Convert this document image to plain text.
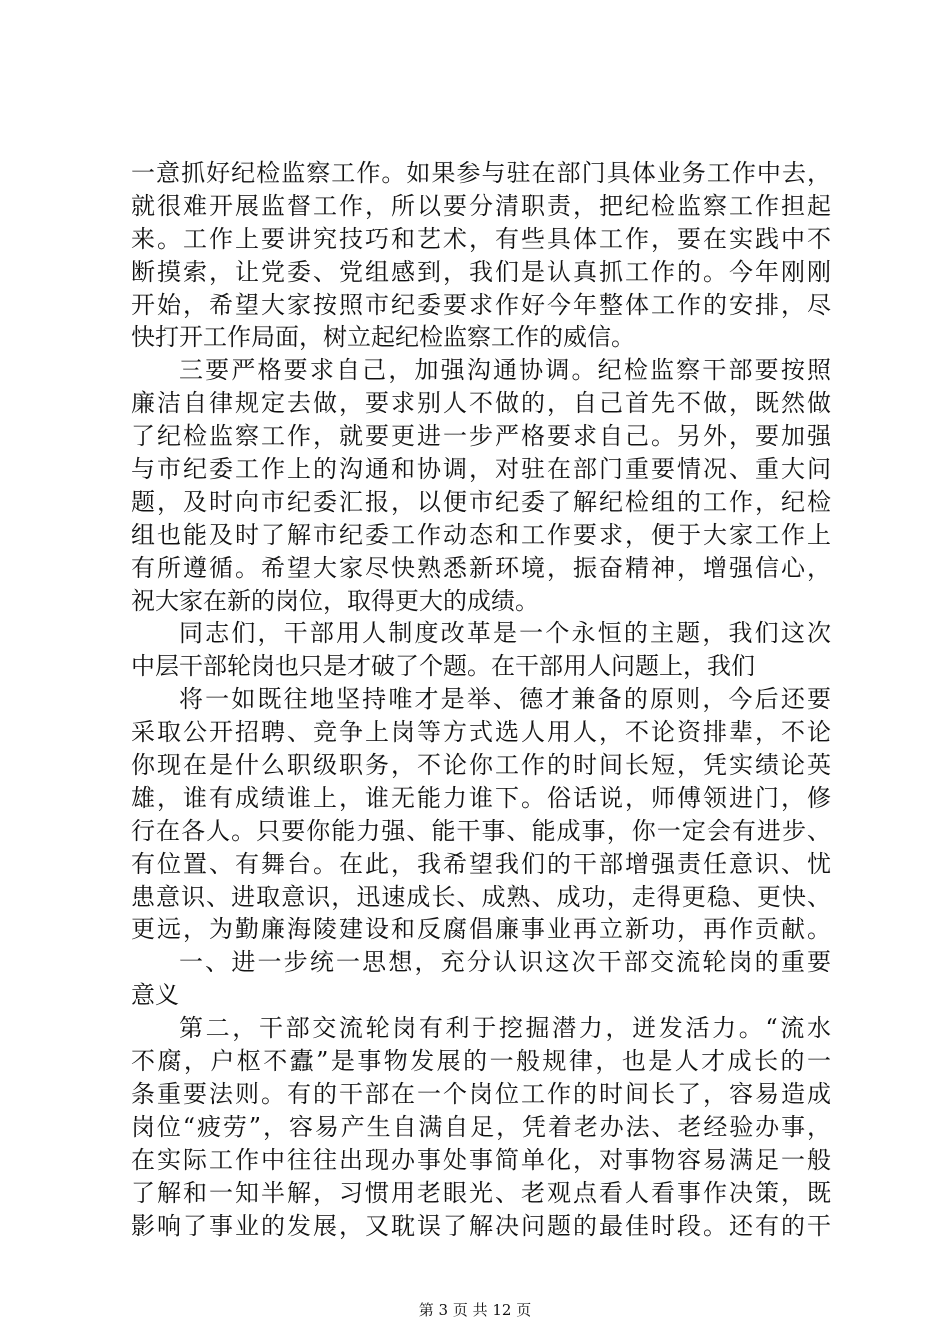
一意抓好纪检监察工作。如果参与驻在部门具体业务工作中去，
就很难开展监督工作，所以要分清职责，把纪检监察工作担起
来。工作上要讲究技巧和艺术，有些具体工作，要在实践中不
断摸索，让党委、党组感到，我们是认真抓工作的。今年刚刚
开始，希望大家按照市纪委要求作好今年整体工作的安排，尽
快打开工作局面，树立起纪检监察工作的威信。
三要严格要求自己，加强沟通协调。纪检监察干部要按照
廉洁自律规定去做，要求别人不做的，自己首先不做，既然做
了纪检监察工作，就要更进一步严格要求自己。另外，要加强
与市纪委工作上的沟通和协调，对驻在部门重要情况、重大问
题，及时向市纪委汇报，以便市纪委了解纪检组的工作，纪检
组也能及时了解市纪委工作动态和工作要求，便于大家工作上
有所遵循。希望大家尽快熟悉新环境，振奋精神，增强信心，
祝大家在新的岗位，取得更大的成绩。
同志们，干部用人制度改革是一个永恒的主题，我们这次
中层干部轮岗也只是才破了个题。在干部用人问题上，我们
将一如既往地坚持唯才是举、德才兼备的原则，今后还要
采取公开招聘、竞争上岗等方式选人用人，不论资排辈，不论
你现在是什么职级职务，不论你工作的时间长短，凭实绩论英
雄，谁有成绩谁上，谁无能力谁下。俗话说，师傅领进门，修
行在各人。只要你能力强、能干事、能成事，你一定会有进步、
有位置、有舞台。在此，我希望我们的干部增强责任意识、忧
患意识、进取意识，迅速成长、成熟、成功，走得更稳、更快、
更远，为勤廉海陵建设和反腐倡廉事业再立新功，再作贡献。
一、进一步统一思想，充分认识这次干部交流轮岗的重要
意义
第二，干部交流轮岗有利于挖掘潜力，迸发活力。“流水
不腐，户枢不蠹”是事物发展的一般规律，也是人才成长的一
条重要法则。有的干部在一个岗位工作的时间长了，容易造成
岗位“疲劳”，容易产生自满自足，凭着老办法、老经验办事，
在实际工作中往往出现办事处事简单化，对事物容易满足一般
了解和一知半解，习惯用老眼光、老观点看人看事作决策，既
影响了事业的发展，又耽误了解决问题的最佳时段。还有的干
第 3 页 共 12 页
